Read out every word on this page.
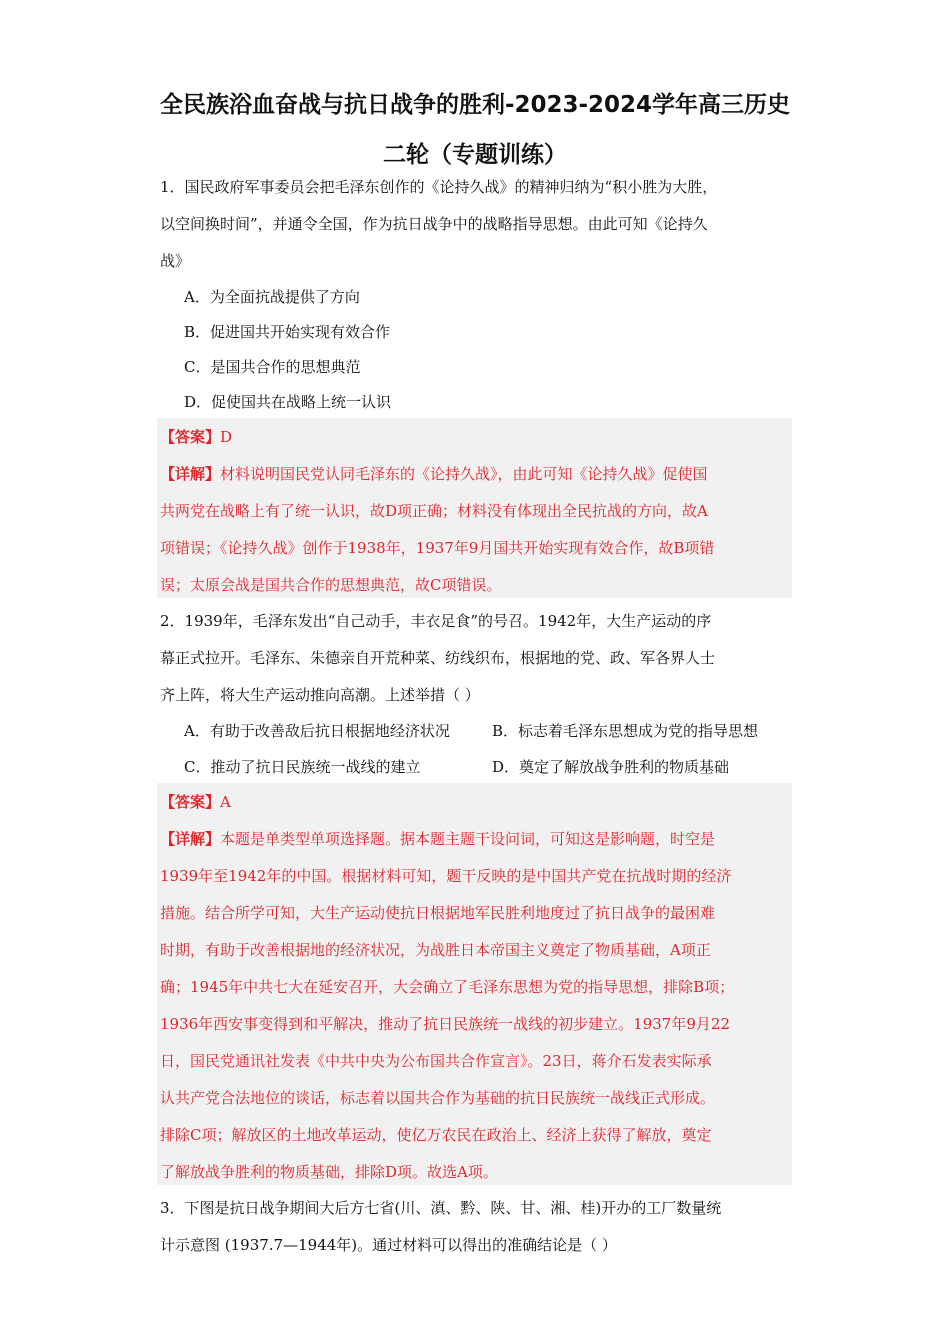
全民族浴血奋战与抗日战争的胜利-2023-2024学年高三历史
二轮（专题训练）
1．国民政府军事委员会把毛泽东创作的《论持久战》的精神归纳为“积小胜为大胜，
以空间换时间”，并通令全国，作为抗日战争中的战略指导思想。由此可知《论持久
战》
A．为全面抗战提供了方向
B．促进国共开始实现有效合作
C．是国共合作的思想典范
D．促使国共在战略上统一认识
【答案】D
【详解】材料说明国民党认同毛泽东的《论持久战》，由此可知《论持久战》促使国
共两党在战略上有了统一认识，故D项正确；材料没有体现出全民抗战的方向，故A
项错误；《论持久战》创作于1938年，1937年9月国共开始实现有效合作，故B项错
误；太原会战是国共合作的思想典范，故C项错误。
2．1939年，毛泽东发出“自己动手，丰衣足食”的号召。1942年，大生产运动的序
幕正式拉开。毛泽东、朱德亲自开荒种菜、纺线织布，根据地的党、政、军各界人士
齐上阵，将大生产运动推向高潮。上述举措（ ）
A．有助于改善敌后抗日根据地经济状况	B．标志着毛泽东思想成为党的指导思想
C．推动了抗日民族统一战线的建立	D．奠定了解放战争胜利的物质基础
【答案】A
【详解】本题是单类型单项选择题。据本题主题干设问词，可知这是影响题，时空是
1939年至1942年的中国。根据材料可知，题干反映的是中国共产党在抗战时期的经济
措施。结合所学可知，大生产运动使抗日根据地军民胜利地度过了抗日战争的最困难
时期，有助于改善根据地的经济状况，为战胜日本帝国主义奠定了物质基础，A项正
确；1945年中共七大在延安召开，大会确立了毛泽东思想为党的指导思想，排除B项；
1936年西安事变得到和平解决，推动了抗日民族统一战线的初步建立。1937年9月22
日，国民党通讯社发表《中共中央为公布国共合作宣言》。23日，蒋介石发表实际承
认共产党合法地位的谈话，标志着以国共合作为基础的抗日民族统一战线正式形成。
排除C项；解放区的土地改革运动，使亿万农民在政治上、经济上获得了解放，奠定
了解放战争胜利的物质基础，排除D项。故选A项。
3．下图是抗日战争期间大后方七省(川、滇、黔、陕、甘、湘、桂)开办的工厂数量统
计示意图 (1937.7—1944年)。通过材料可以得出的准确结论是（ ）
